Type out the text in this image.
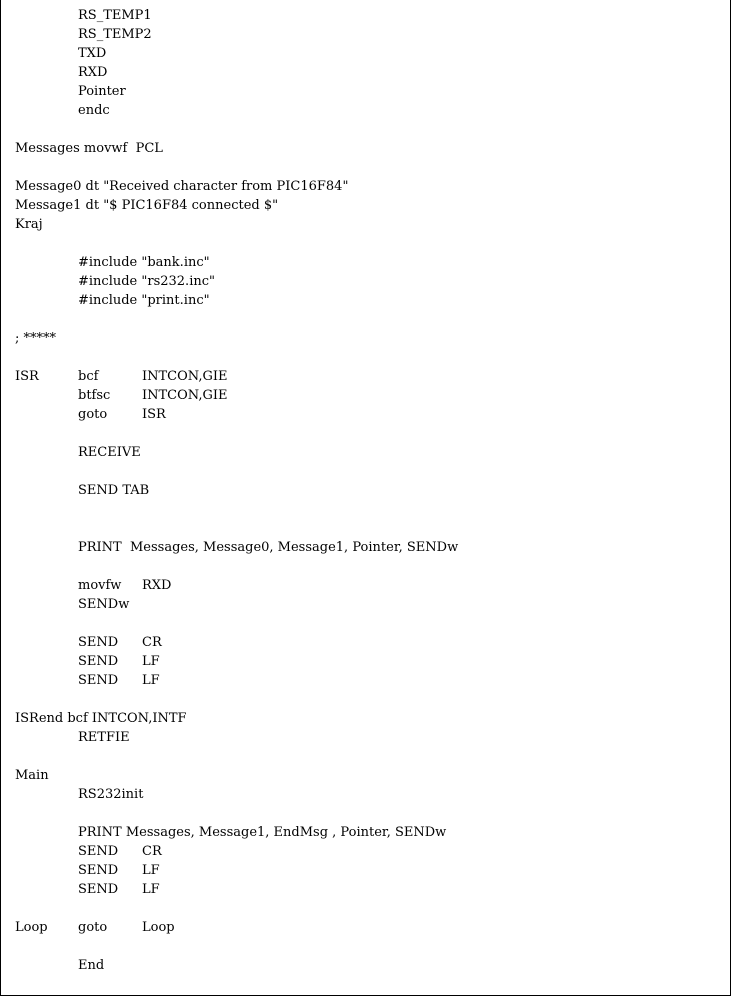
RS_TEMP1
RS_TEMP2
TXD
RXD
Pointer
endc
Messages movwf  PCL
Message0 dt "Received character from PIC16F84"
Message1 dt "$ PIC16F84 connected $"
Kraj
#include "bank.inc"
#include "rs232.inc"
#include "print.inc"
; *****
ISR	bcf	INTCON,GIE
btfsc INTCON,GIE
goto	ISR
RECEIVE
SEND TAB
PRINT  Messages, Message0, Message1, Pointer, SENDw
movfw RXD
SENDw
SEND CR
SEND LF
SEND LF
ISRend bcf INTCON,INTF
RETFIE
Main
RS232init
PRINT Messages, Message1, EndMsg , Pointer, SENDw
SEND CR
SEND LF
SEND LF
Loop goto	Loop
End
